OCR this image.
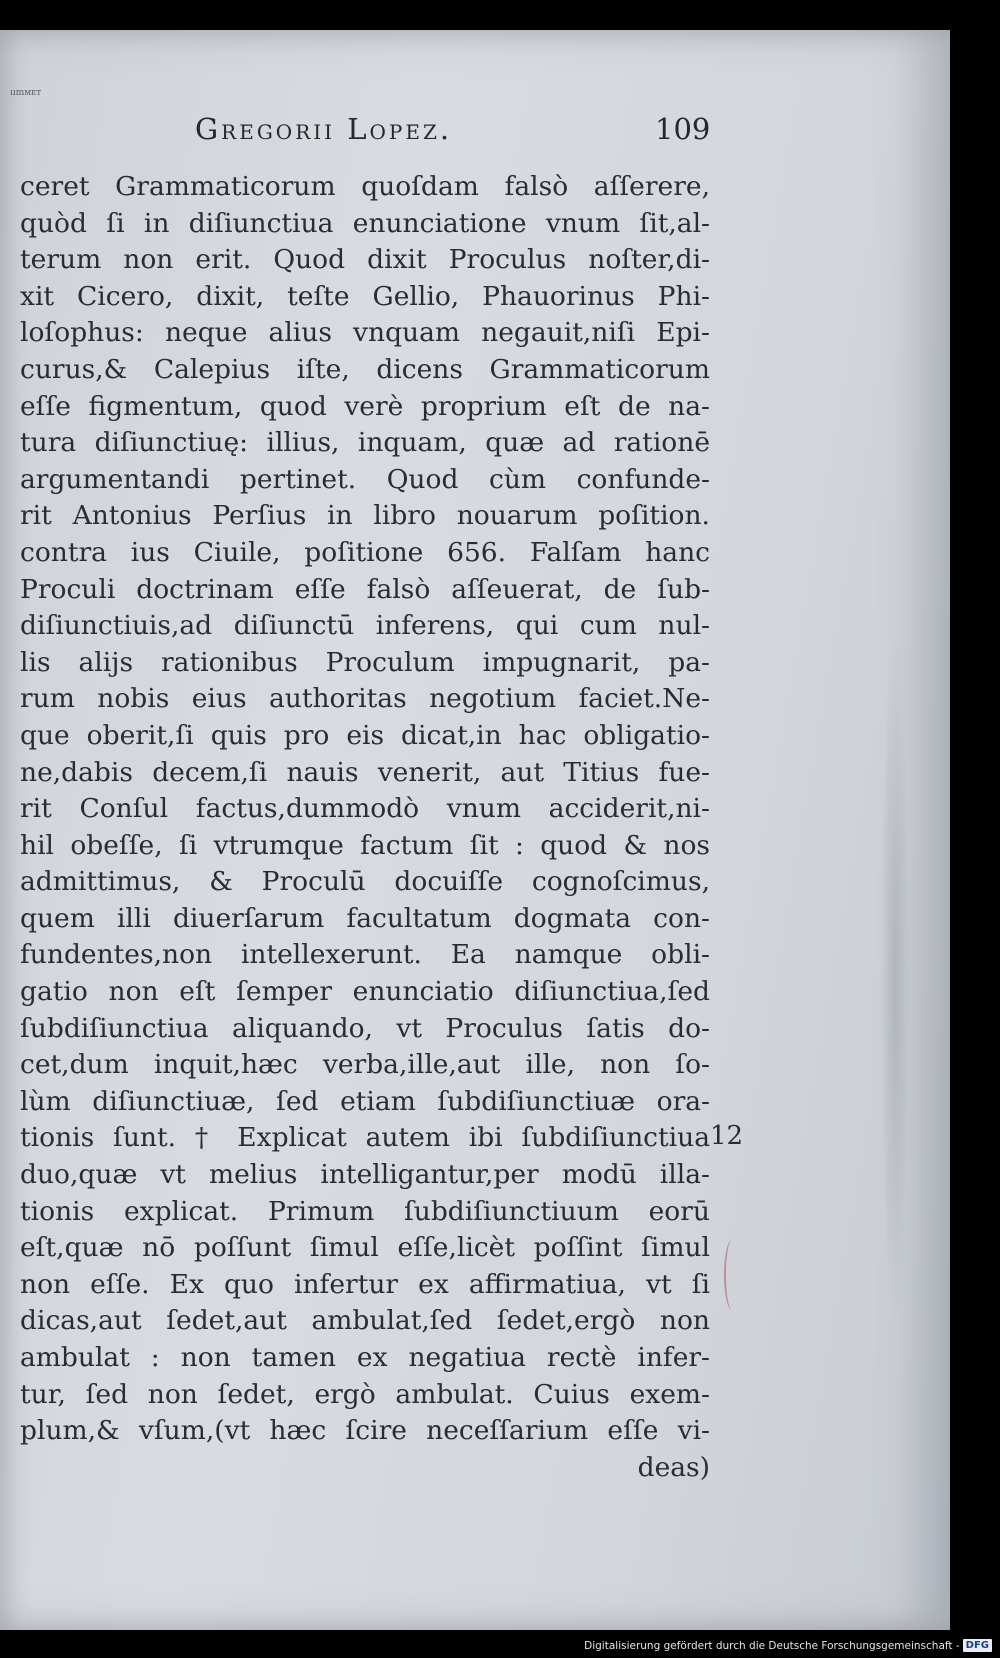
ıımᴍᴇᴛ
Gregorii Lopez.	109
ceret Grammaticorum quoſdam falsò aſſerere,
quòd ſi in diſiunctiua enunciatione vnum ſit,al-
terum non erit. Quod dixit Proculus noſter,di-
xit Cicero, dixit, teſte Gellio, Phauorinus Phi-
loſophus: neque alius vnquam negauit,niſi Epi-
curus,& Calepius iſte, dicens Grammaticorum
eſſe figmentum, quod verè proprium eſt de na-
tura diſiunctiuę: illius, inquam, quæ ad rationē
argumentandi pertinet. Quod cùm confunde-
rit Antonius Perſius in libro nouarum poſition.
contra ius Ciuile, poſitione 656. Falſam hanc
Proculi doctrinam eſſe falsò aſſeuerat, de ſub-
diſiunctiuis,ad diſiunctū inferens, qui cum nul-
lis alijs rationibus Proculum impugnarit, pa-
rum nobis eius authoritas negotium faciet.Ne-
que oberit,ſi quis pro eis dicat,in hac obligatio-
ne,dabis decem,ſi nauis venerit, aut Titius fue-
rit Conſul factus,dummodò vnum acciderit,ni-
hil obeſſe, ſi vtrumque factum ſit : quod & nos
admittimus, & Proculū docuiſſe cognoſcimus,
quem illi diuerſarum facultatum dogmata con-
fundentes,non intellexerunt. Ea namque obli-
gatio non eſt ſemper enunciatio diſiunctiua,ſed
ſubdiſiunctiua aliquando, vt Proculus ſatis do-
cet,dum inquit,hæc verba,ille,aut ille, non ſo-
lùm diſiunctiuæ, ſed etiam ſubdiſiunctiuæ ora-
tionis ſunt. † Explicat autem ibi ſubdiſiunctiua
duo,quæ vt melius intelligantur,per modū illa-
tionis explicat. Primum ſubdiſiunctiuum eorū
eſt,quæ nō poſſunt ſimul eſſe,licèt poſſint ſimul
non eſſe. Ex quo infertur ex affirmatiua, vt ſi
dicas,aut ſedet,aut ambulat,ſed ſedet,ergò non
ambulat : non tamen ex negatiua rectè infer-
tur, ſed non ſedet, ergò ambulat. Cuius exem-
plum,& vſum,(vt hæc ſcire neceſſarium eſſe vi-
deas)
12
Digitalisierung gefördert durch die Deutsche Forschungsgemeinschaft - DFG
